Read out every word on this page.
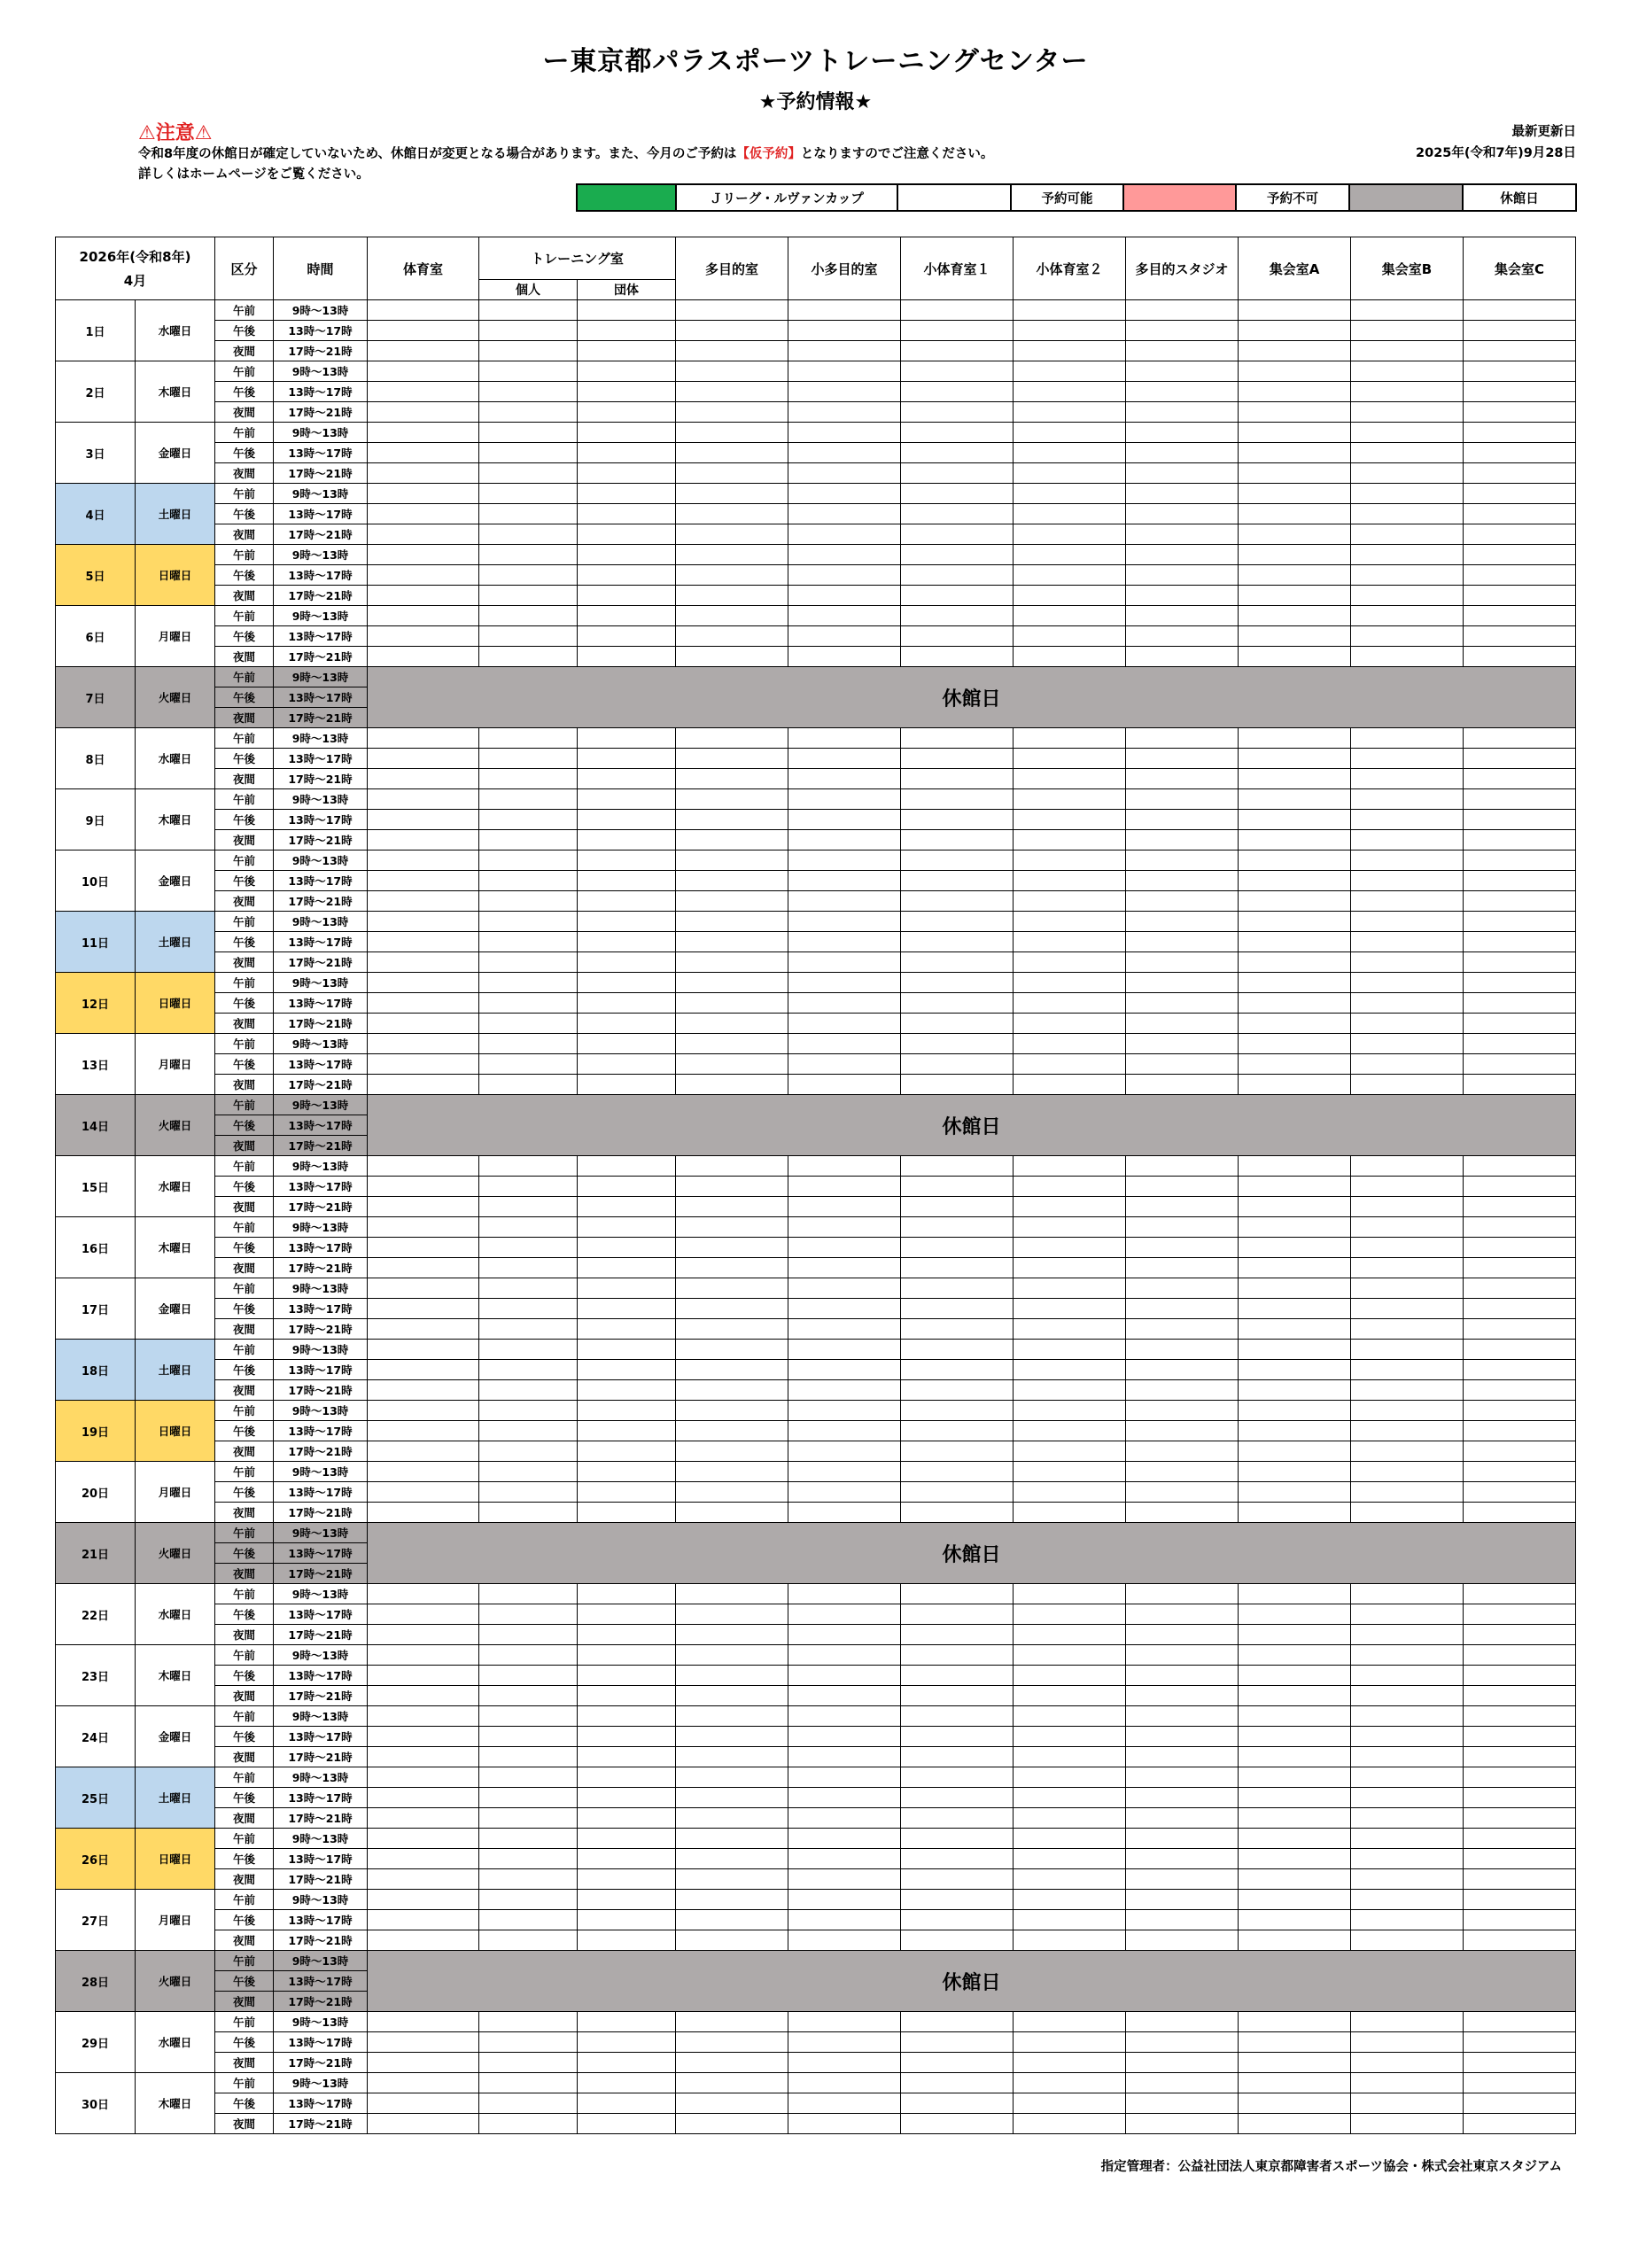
ー東京都パラスポーツトレーニングセンター
★予約情報★
⚠注意⚠
令和8年度の休館日が確定していないため、休館日が変更となる場合があります。また、今月のご予約は【仮予約】となりますのでご注意ください。
詳しくはホームページをご覧ください。
最新更新日
2025年(令和7年)9月28日
	Ｊリーグ・ルヴァンカップ		予約可能		予約不可		休館日
2026年(令和8年)
4月		区分	時間	体育室	トレーニング室		多目的室	小多目的室	小体育室１	小体育室２	多目的スタジオ	集会室A	集会室B	集会室C
					個人	団体								
1日	水曜日	午前	9時～13時											
		午後	13時～17時											
		夜間	17時～21時											
2日	木曜日	午前	9時～13時											
		午後	13時～17時											
		夜間	17時～21時											
3日	金曜日	午前	9時～13時											
		午後	13時～17時											
		夜間	17時～21時											
4日	土曜日	午前	9時～13時											
		午後	13時～17時											
		夜間	17時～21時											
5日	日曜日	午前	9時～13時											
		午後	13時～17時											
		夜間	17時～21時											
6日	月曜日	午前	9時～13時											
		午後	13時～17時											
		夜間	17時～21時											
7日	火曜日	午前	9時～13時	休館日										
		午後	13時～17時											
		夜間	17時～21時											
8日	水曜日	午前	9時～13時											
		午後	13時～17時											
		夜間	17時～21時											
9日	木曜日	午前	9時～13時											
		午後	13時～17時											
		夜間	17時～21時											
10日	金曜日	午前	9時～13時											
		午後	13時～17時											
		夜間	17時～21時											
11日	土曜日	午前	9時～13時											
		午後	13時～17時											
		夜間	17時～21時											
12日	日曜日	午前	9時～13時											
		午後	13時～17時											
		夜間	17時～21時											
13日	月曜日	午前	9時～13時											
		午後	13時～17時											
		夜間	17時～21時											
14日	火曜日	午前	9時～13時	休館日										
		午後	13時～17時											
		夜間	17時～21時											
15日	水曜日	午前	9時～13時											
		午後	13時～17時											
		夜間	17時～21時											
16日	木曜日	午前	9時～13時											
		午後	13時～17時											
		夜間	17時～21時											
17日	金曜日	午前	9時～13時											
		午後	13時～17時											
		夜間	17時～21時											
18日	土曜日	午前	9時～13時											
		午後	13時～17時											
		夜間	17時～21時											
19日	日曜日	午前	9時～13時											
		午後	13時～17時											
		夜間	17時～21時											
20日	月曜日	午前	9時～13時											
		午後	13時～17時											
		夜間	17時～21時											
21日	火曜日	午前	9時～13時	休館日										
		午後	13時～17時											
		夜間	17時～21時											
22日	水曜日	午前	9時～13時											
		午後	13時～17時											
		夜間	17時～21時											
23日	木曜日	午前	9時～13時											
		午後	13時～17時											
		夜間	17時～21時											
24日	金曜日	午前	9時～13時											
		午後	13時～17時											
		夜間	17時～21時											
25日	土曜日	午前	9時～13時											
		午後	13時～17時											
		夜間	17時～21時											
26日	日曜日	午前	9時～13時											
		午後	13時～17時											
		夜間	17時～21時											
27日	月曜日	午前	9時～13時											
		午後	13時～17時											
		夜間	17時～21時											
28日	火曜日	午前	9時～13時	休館日										
		午後	13時～17時											
		夜間	17時～21時											
29日	水曜日	午前	9時～13時											
		午後	13時～17時											
		夜間	17時～21時											
30日	木曜日	午前	9時～13時											
		午後	13時～17時											
		夜間	17時～21時											
指定管理者：公益社団法人東京都障害者スポーツ協会・株式会社東京スタジアム
